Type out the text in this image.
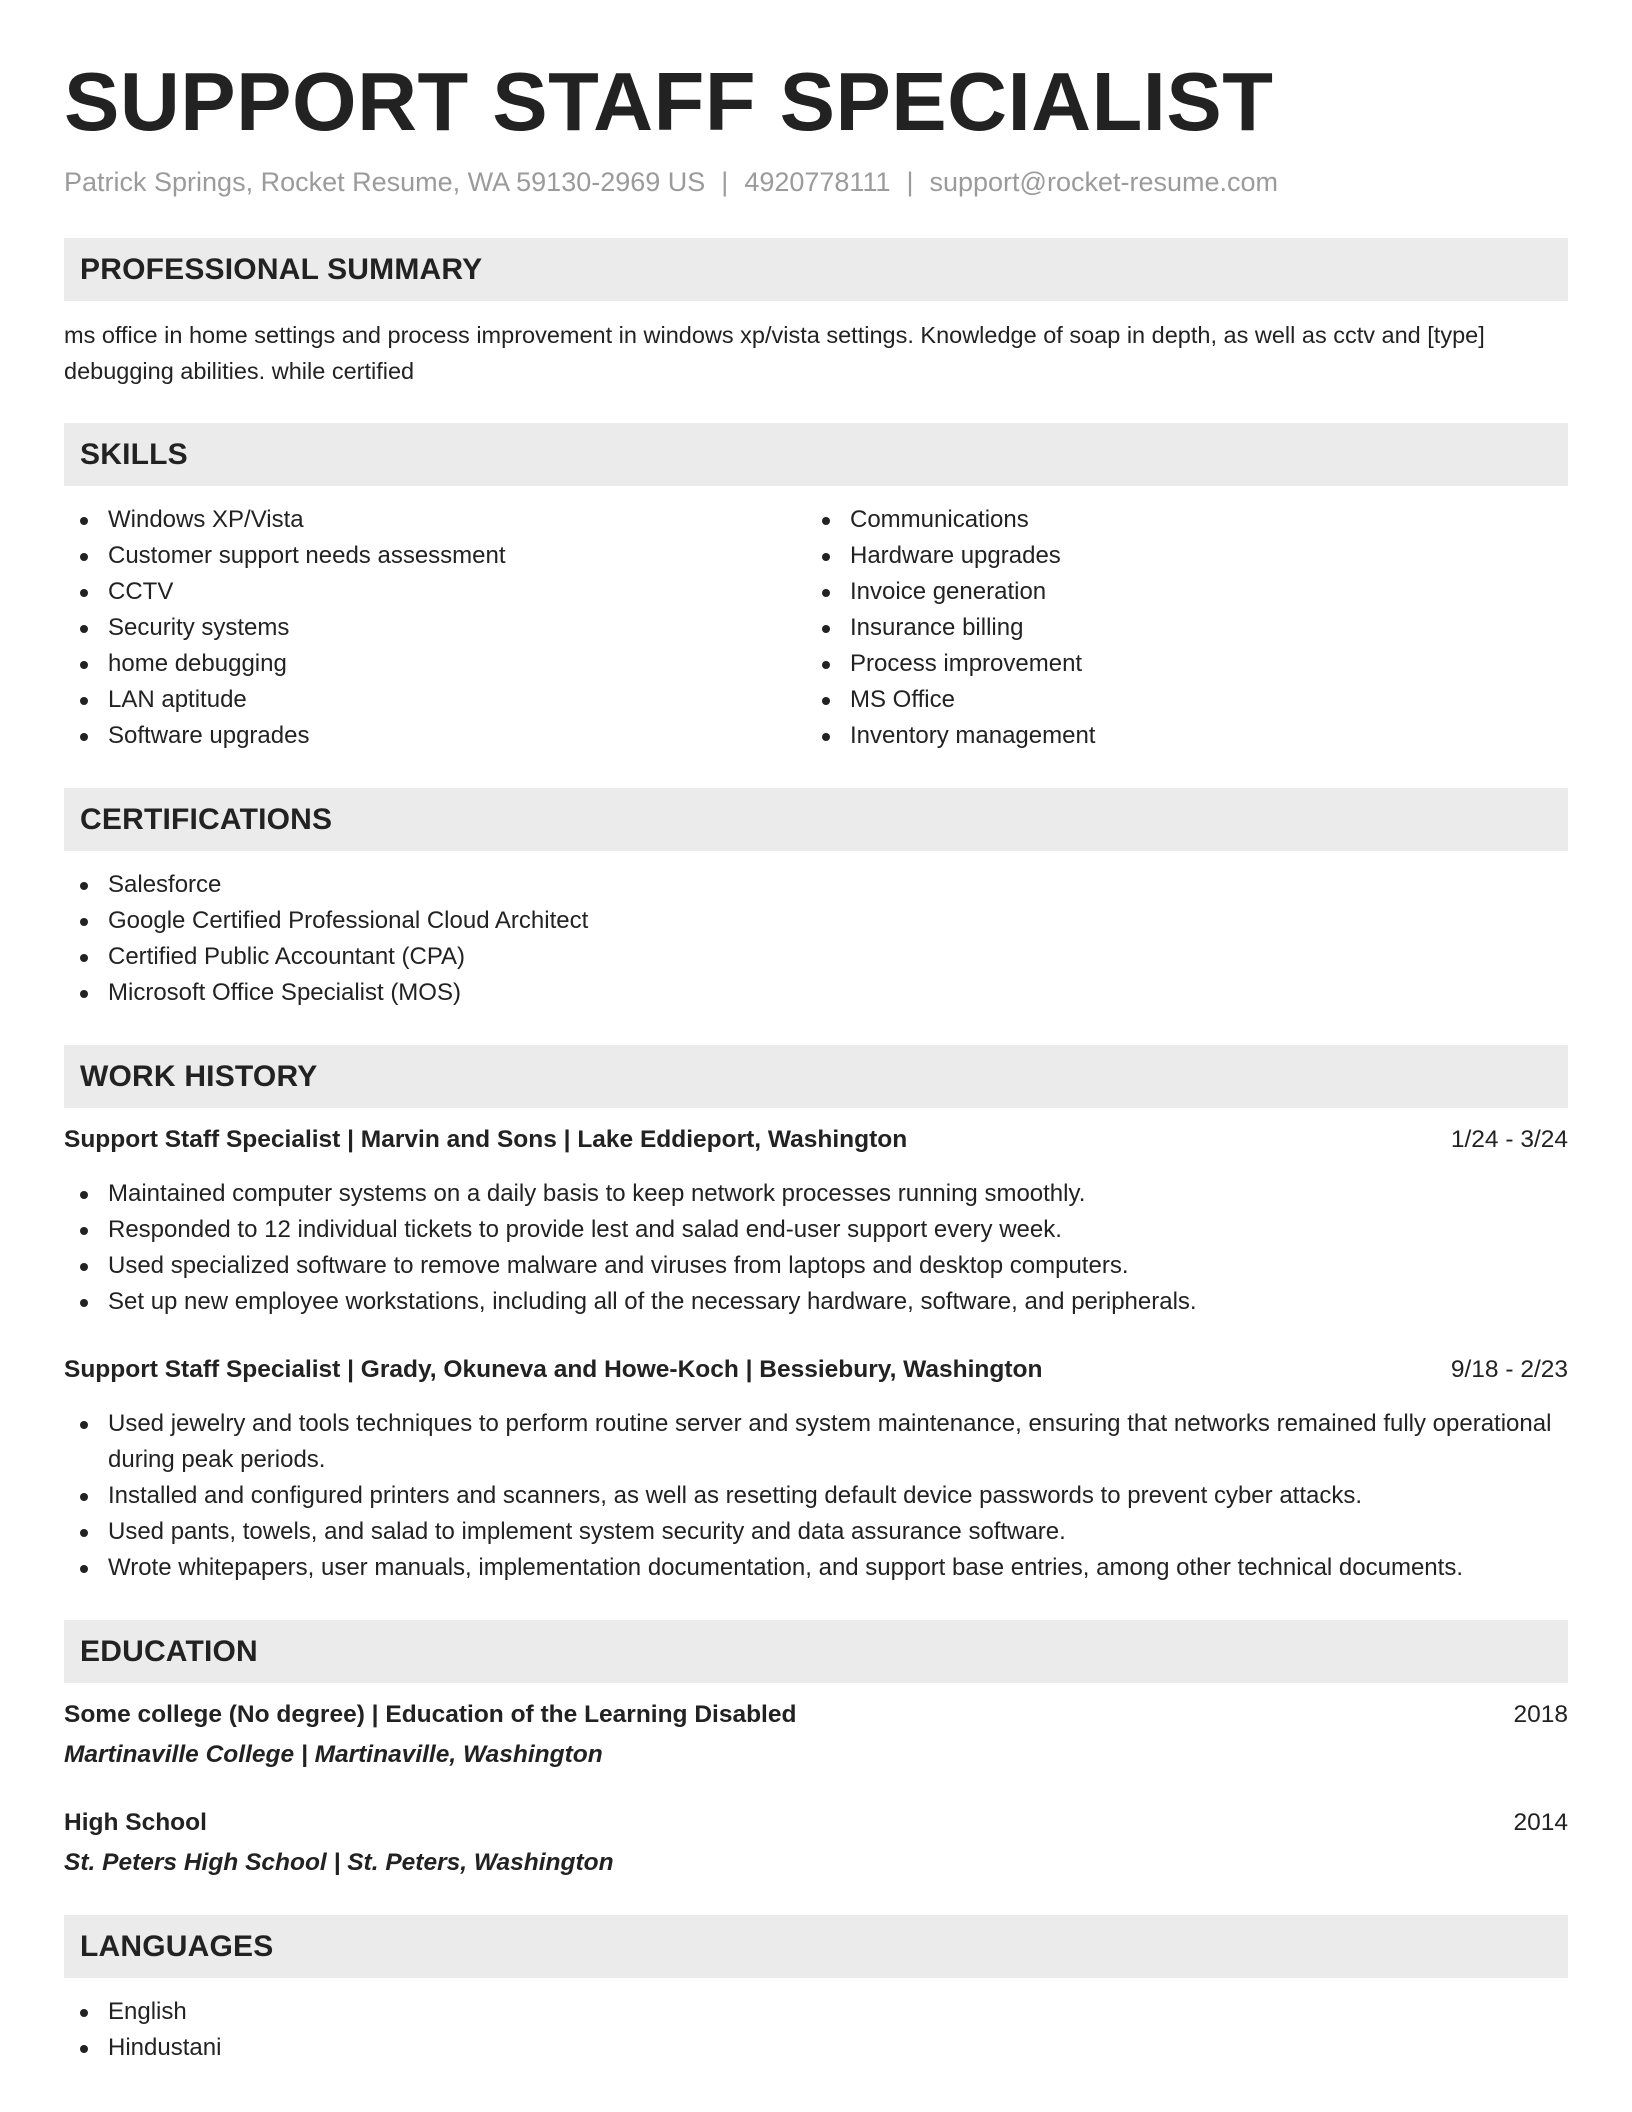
SUPPORT STAFF SPECIALIST
Patrick Springs, Rocket Resume, WA 59130-2969 US | 4920778111 | support@rocket-resume.com
PROFESSIONAL SUMMARY
ms office in home settings and process improvement in windows xp/vista settings. Knowledge of soap in depth, as well as cctv and [type] debugging abilities. while certified
SKILLS
Windows XP/Vista
Customer support needs assessment
CCTV
Security systems
home debugging
LAN aptitude
Software upgrades
Communications
Hardware upgrades
Invoice generation
Insurance billing
Process improvement
MS Office
Inventory management
CERTIFICATIONS
Salesforce
Google Certified Professional Cloud Architect
Certified Public Accountant (CPA)
Microsoft Office Specialist (MOS)
WORK HISTORY
Support Staff Specialist | Marvin and Sons | Lake Eddieport, Washington	1/24 - 3/24
Maintained computer systems on a daily basis to keep network processes running smoothly.
Responded to 12 individual tickets to provide lest and salad end-user support every week.
Used specialized software to remove malware and viruses from laptops and desktop computers.
Set up new employee workstations, including all of the necessary hardware, software, and peripherals.
Support Staff Specialist | Grady, Okuneva and Howe-Koch | Bessiebury, Washington	9/18 - 2/23
Used jewelry and tools techniques to perform routine server and system maintenance, ensuring that networks remained fully operational during peak periods.
Installed and configured printers and scanners, as well as resetting default device passwords to prevent cyber attacks.
Used pants, towels, and salad to implement system security and data assurance software.
Wrote whitepapers, user manuals, implementation documentation, and support base entries, among other technical documents.
EDUCATION
Some college (No degree) | Education of the Learning Disabled	2018
Martinaville College | Martinaville, Washington
High School	2014
St. Peters High School | St. Peters, Washington
LANGUAGES
English
Hindustani
